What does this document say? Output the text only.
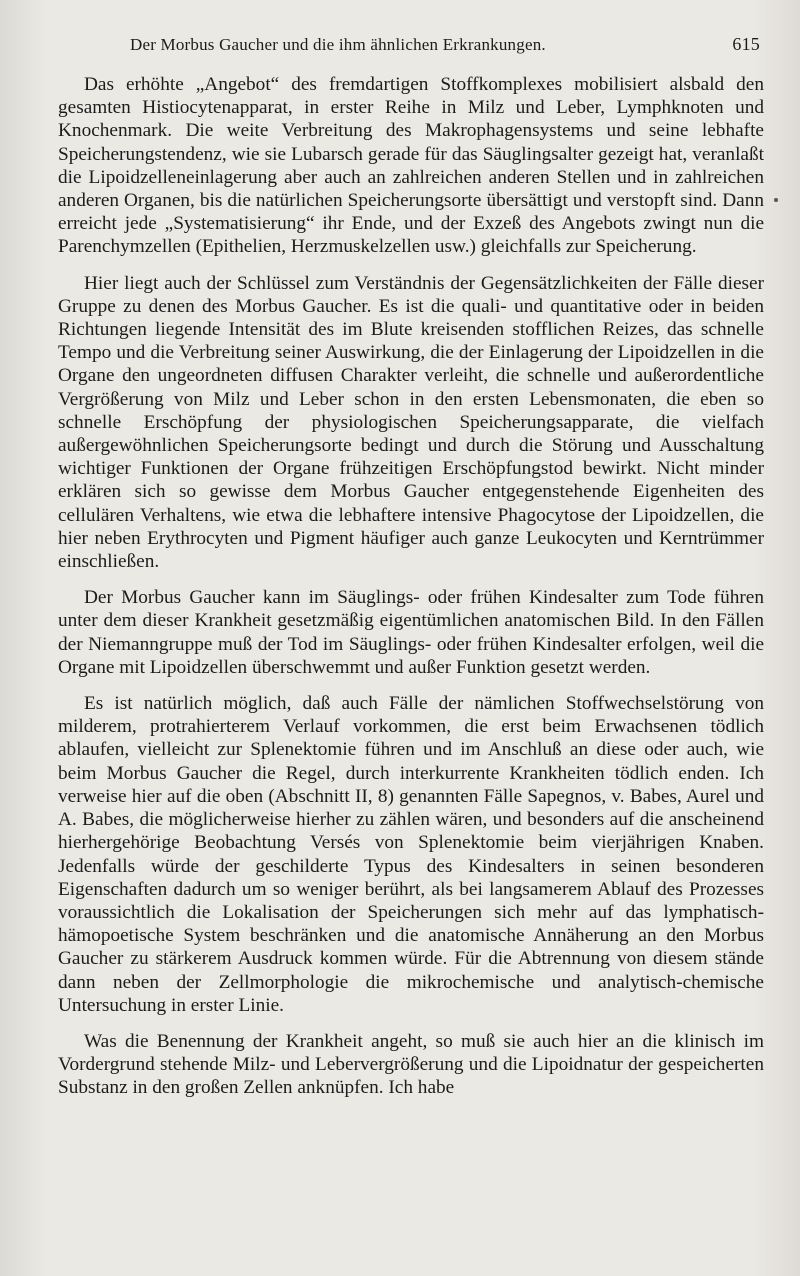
Der Morbus Gaucher und die ihm ähnlichen Erkrankungen.	615

Das erhöhte „Angebot“ des fremdartigen Stoffkomplexes mobilisiert alsbald den gesamten Histiocytenapparat, in erster Reihe in Milz und Leber, Lymphknoten und Knochenmark. Die weite Verbreitung des Makrophagensystems und seine lebhafte Speicherungstendenz, wie sie Lubarsch gerade für das Säuglingsalter gezeigt hat, veranlaßt die Lipoidzelleneinlagerung aber auch an zahlreichen anderen Stellen und in zahlreichen anderen Organen, bis die natürlichen Speicherungsorte übersättigt und verstopft sind. Dann erreicht jede „Systematisierung“ ihr Ende, und der Exzeß des Angebots zwingt nun die Parenchymzellen (Epithelien, Herzmuskelzellen usw.) gleichfalls zur Speicherung.

Hier liegt auch der Schlüssel zum Verständnis der Gegensätzlichkeiten der Fälle dieser Gruppe zu denen des Morbus Gaucher. Es ist die quali- und quantitative oder in beiden Richtungen liegende Intensität des im Blute kreisenden stofflichen Reizes, das schnelle Tempo und die Verbreitung seiner Auswirkung, die der Einlagerung der Lipoidzellen in die Organe den ungeordneten diffusen Charakter verleiht, die schnelle und außerordentliche Vergrößerung von Milz und Leber schon in den ersten Lebensmonaten, die eben so schnelle Erschöpfung der physiologischen Speicherungsapparate, die vielfach außergewöhnlichen Speicherungsorte bedingt und durch die Störung und Ausschaltung wichtiger Funktionen der Organe frühzeitigen Erschöpfungstod bewirkt. Nicht minder erklären sich so gewisse dem Morbus Gaucher entgegenstehende Eigenheiten des cellulären Verhaltens, wie etwa die lebhaftere intensive Phagocytose der Lipoidzellen, die hier neben Erythrocyten und Pigment häufiger auch ganze Leukocyten und Kerntrümmer einschließen.

Der Morbus Gaucher kann im Säuglings- oder frühen Kindesalter zum Tode führen unter dem dieser Krankheit gesetzmäßig eigentümlichen anatomischen Bild. In den Fällen der Niemanngruppe muß der Tod im Säuglings- oder frühen Kindesalter erfolgen, weil die Organe mit Lipoidzellen überschwemmt und außer Funktion gesetzt werden.

Es ist natürlich möglich, daß auch Fälle der nämlichen Stoffwechselstörung von milderem, protrahierterem Verlauf vorkommen, die erst beim Erwachsenen tödlich ablaufen, vielleicht zur Splenektomie führen und im Anschluß an diese oder auch, wie beim Morbus Gaucher die Regel, durch interkurrente Krankheiten tödlich enden. Ich verweise hier auf die oben (Abschnitt II, 8) genannten Fälle Sapegnos, v. Babes, Aurel und A. Babes, die möglicherweise hierher zu zählen wären, und besonders auf die anscheinend hierhergehörige Beobachtung Versés von Splenektomie beim vierjährigen Knaben. Jedenfalls würde der geschilderte Typus des Kindesalters in seinen besonderen Eigenschaften dadurch um so weniger berührt, als bei langsamerem Ablauf des Prozesses voraussichtlich die Lokalisation der Speicherungen sich mehr auf das lymphatisch-hämopoetische System beschränken und die anatomische Annäherung an den Morbus Gaucher zu stärkerem Ausdruck kommen würde. Für die Abtrennung von diesem stände dann neben der Zellmorphologie die mikrochemische und analytisch-chemische Untersuchung in erster Linie.

Was die Benennung der Krankheit angeht, so muß sie auch hier an die klinisch im Vordergrund stehende Milz- und Lebervergrößerung und die Lipoidnatur der gespeicherten Substanz in den großen Zellen anknüpfen. Ich habe
